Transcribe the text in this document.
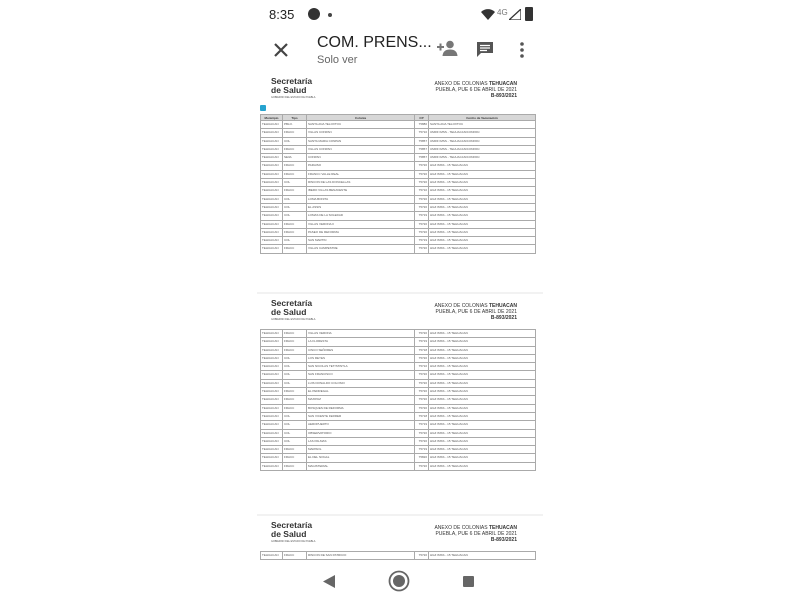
8:35	4G
COM. PRENS...
Solo ver
Secretaría
de Salud
GOBIERNO DEL ESTADO DE PUEBLA
ANEXO DE COLONIAS TEHUACAN
PUEBLA, PUE 6 DE ABRIL DE 2021
B-893/2021
Municipio	Tipo	Colonia	CP	Centro de Vacunación
TEHUACAN	PBLO.	SANTA ANA TELOXTOC	75880	SANTA ANA TELOXTOC
TEHUACAN	FRACC	VILLAS CONPAN	75710	UMRF IMSS - TEHUACAN/CONPAN
TEHUACAN	COL	SANTA MARIA CONPAN	75857	UMRF IMSS - TEHUACAN/CONPAN
TEHUACAN	FRACC	VILLAS CONPAN	75857	UMRF IMSS - TEHUACAN/CONPAN
TEHUACAN	SEIIA	CONPAN	75857	UMRF IMSS - TEHUACAN/CONPAN
TEHUACAN	FRACC	PARAISO	75720	HGZ IMSS - 15 TEHUACAN
TEHUACAN	FRACC	FRANCC VALLE REAL	75720	HGZ IMSS - 15 TEHUACAN
TEHUACAN	COL	RINCON DE LAS DONCELLAS	75720	HGZ IMSS - 15 TEHUACAN
TEHUACAN	FRACC	IBERO VILLAS BENAVENTE	75710	HGZ IMSS - 15 TEHUACAN
TEHUACAN	COL	LOMA BONITA	75720	HGZ IMSS - 15 TEHUACAN
TEHUACAN	COL	EL ASSIS	75720	HGZ IMSS - 15 TEHUACAN
TEHUACAN	COL	LOMAS DE LA SOLEDAD	75719	HGZ IMSS - 15 TEHUACAN
TEHUACAN	FRACC	VILLAS VERONA II	75720	HGZ IMSS - 15 TEHUACAN
TEHUACAN	FRACC	PASEO DE REFORMA	75720	HGZ IMSS - 15 TEHUACAN
TEHUACAN	COL	SAN MARTIN	75719	HGZ IMSS - 15 TEHUACAN
TEHUACAN	FRACC	VILLAS CAMPESTRE	75720	HGZ IMSS - 15 TEHUACAN
Secretaría
de Salud
GOBIERNO DEL ESTADO DE PUEBLA
ANEXO DE COLONIAS TEHUACAN
PUEBLA, PUE 6 DE ABRIL DE 2021
B-893/2021
TEHUACAN	FRACC	VILLAS VERONA	75720	HGZ IMSS - 15 TEHUACAN
TEHUACAN	FRACC	LA FLORESTA	75719	HGZ IMSS - 15 TEHUACAN
TEHUACAN	FRACC	CINCO SEÑORES	75718	HGZ IMSS - 15 TEHUACAN
TEHUACAN	COL	LOS REYES	75720	HGZ IMSS - 15 TEHUACAN
TEHUACAN	COL	SAN NICOLAS TETITZINTLA	75710	HGZ IMSS - 15 TEHUACAN
TEHUACAN	COL	SAN FRANCISCO	75720	HGZ IMSS - 15 TEHUACAN
TEHUACAN	COL	LUIS DONALDO COLOSIO	75720	HGZ IMSS - 15 TEHUACAN
TEHUACAN	FRACC	EL PEDREGAL	75720	HGZ IMSS - 15 TEHUACAN
TEHUACAN	FRACC	MAXIPAZ	75720	HGZ IMSS - 15 TEHUACAN
TEHUACAN	FRACC	BOSQUES DE REFORMA	75720	HGZ IMSS - 15 TEHUACAN
TEHUACAN	COL	SAN VICENTE FERRER	75718	HGZ IMSS - 15 TEHUACAN
TEHUACAN	COL	AEROPUERTO	75719	HGZ IMSS - 15 TEHUACAN
TEHUACAN	COL	OBSERVATORIO	75720	HGZ IMSS - 15 TEHUACAN
TEHUACAN	COL	LAS PALMAS	75720	HGZ IMSS - 15 TEHUACAN
TEHUACAN	FRACC	MARISOL	75719	HGZ IMSS - 15 TEHUACAN
TEHUACAN	FRACC	EL DEL NOGAL	75820	HGZ IMSS - 15 TEHUACAN
TEHUACAN	FRACC	MAGISTERIAL	75720	HGZ IMSS - 15 TEHUACAN
Secretaría
de Salud
GOBIERNO DEL ESTADO DE PUEBLA
ANEXO DE COLONIAS TEHUACAN
PUEBLA, PUE 6 DE ABRIL DE 2021
B-893/2021
TEHUACAN	FRACC	RINCON DE SAN PATRICIO	75720	HGZ IMSS - 15 TEHUACAN
